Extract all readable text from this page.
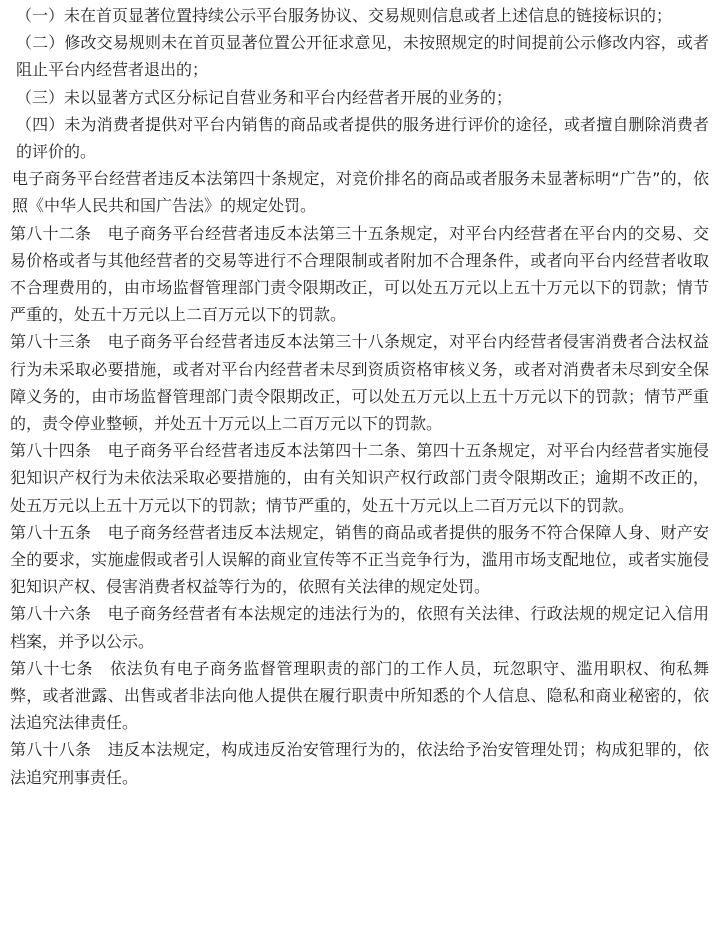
（一）未在首页显著位置持续公示平台服务协议、交易规则信息或者上述信息的链接标识的；

（二）修改交易规则未在首页显著位置公开征求意见，未按照规定的时间提前公示修改内容，或者阻止平台内经营者退出的；

（三）未以显著方式区分标记自营业务和平台内经营者开展的业务的；

（四）未为消费者提供对平台内销售的商品或者提供的服务进行评价的途径，或者擅自删除消费者的评价的。

电子商务平台经营者违反本法第四十条规定，对竞价排名的商品或者服务未显著标明“广告”的，依照《中华人民共和国广告法》的规定处罚。

第八十二条　电子商务平台经营者违反本法第三十五条规定，对平台内经营者在平台内的交易、交易价格或者与其他经营者的交易等进行不合理限制或者附加不合理条件，或者向平台内经营者收取不合理费用的，由市场监督管理部门责令限期改正，可以处五万元以上五十万元以下的罚款；情节严重的，处五十万元以上二百万元以下的罚款。

第八十三条　电子商务平台经营者违反本法第三十八条规定，对平台内经营者侵害消费者合法权益行为未采取必要措施，或者对平台内经营者未尽到资质资格审核义务，或者对消费者未尽到安全保障义务的，由市场监督管理部门责令限期改正，可以处五万元以上五十万元以下的罚款；情节严重的，责令停业整顿，并处五十万元以上二百万元以下的罚款。

第八十四条　电子商务平台经营者违反本法第四十二条、第四十五条规定，对平台内经营者实施侵犯知识产权行为未依法采取必要措施的，由有关知识产权行政部门责令限期改正；逾期不改正的，处五万元以上五十万元以下的罚款；情节严重的，处五十万元以上二百万元以下的罚款。

第八十五条　电子商务经营者违反本法规定，销售的商品或者提供的服务不符合保障人身、财产安全的要求，实施虚假或者引人误解的商业宣传等不正当竞争行为，滥用市场支配地位，或者实施侵犯知识产权、侵害消费者权益等行为的，依照有关法律的规定处罚。

第八十六条　电子商务经营者有本法规定的违法行为的，依照有关法律、行政法规的规定记入信用档案，并予以公示。

第八十七条　依法负有电子商务监督管理职责的部门的工作人员，玩忽职守、滥用职权、徇私舞弊，或者泄露、出售或者非法向他人提供在履行职责中所知悉的个人信息、隐私和商业秘密的，依法追究法律责任。

第八十八条　违反本法规定，构成违反治安管理行为的，依法给予治安管理处罚；构成犯罪的，依法追究刑事责任。
